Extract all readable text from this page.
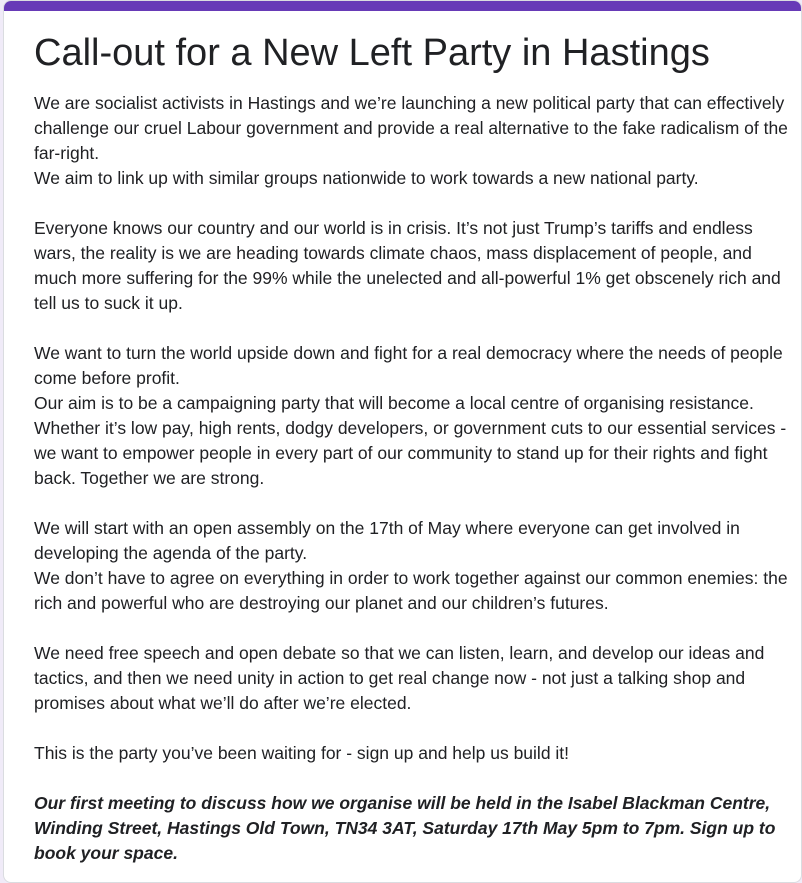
Call-out for a New Left Party in Hastings
We are socialist activists in Hastings and we’re launching a new political party that can effectively challenge our cruel Labour government and provide a real alternative to the fake radicalism of the far-right.
We aim to link up with similar groups nationwide to work towards a new national party.
Everyone knows our country and our world is in crisis. It’s not just Trump’s tariffs and endless wars, the reality is we are heading towards climate chaos, mass displacement of people, and much more suffering for the 99% while the unelected and all-powerful 1% get obscenely rich and tell us to suck it up.
We want to turn the world upside down and fight for a real democracy where the needs of people come before profit.
Our aim is to be a campaigning party that will become a local centre of organising resistance. Whether it’s low pay, high rents, dodgy developers, or government cuts to our essential services - we want to empower people in every part of our community to stand up for their rights and fight back. Together we are strong.
We will start with an open assembly on the 17th of May where everyone can get involved in developing the agenda of the party.
We don’t have to agree on everything in order to work together against our common enemies: the rich and powerful who are destroying our planet and our children’s futures.
We need free speech and open debate so that we can listen, learn, and develop our ideas and tactics, and then we need unity in action to get real change now - not just a talking shop and promises about what we’ll do after we’re elected.
This is the party you’ve been waiting for - sign up and help us build it!
Our first meeting to discuss how we organise will be held in the Isabel Blackman Centre, Winding Street, Hastings Old Town, TN34 3AT, Saturday 17th May 5pm to 7pm. Sign up to book your space.
